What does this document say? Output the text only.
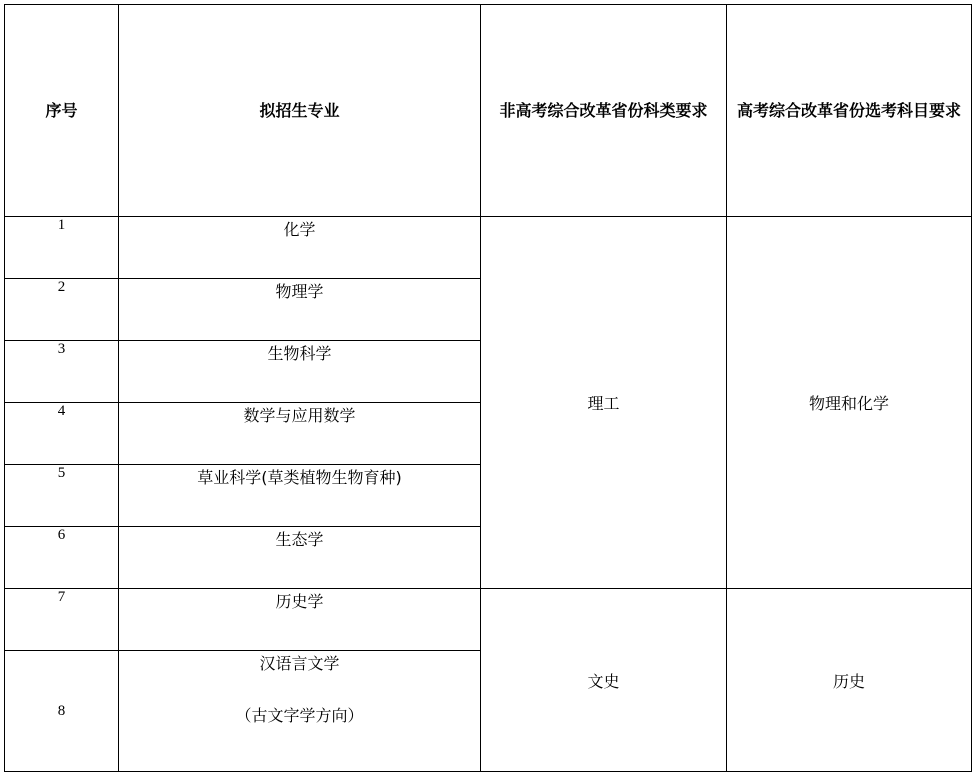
序号	拟招生专业	非高考综合改革省份科类要求	高考综合改革省份选考科目要求
1	化学	理工	物理和化学
2	物理学		
3	生物科学		
4	数学与应用数学		
5	草业科学(草类植物生物育种)		
6	生态学		
7	历史学	文史	历史
8	汉语言文学
（古文字学方向）		
